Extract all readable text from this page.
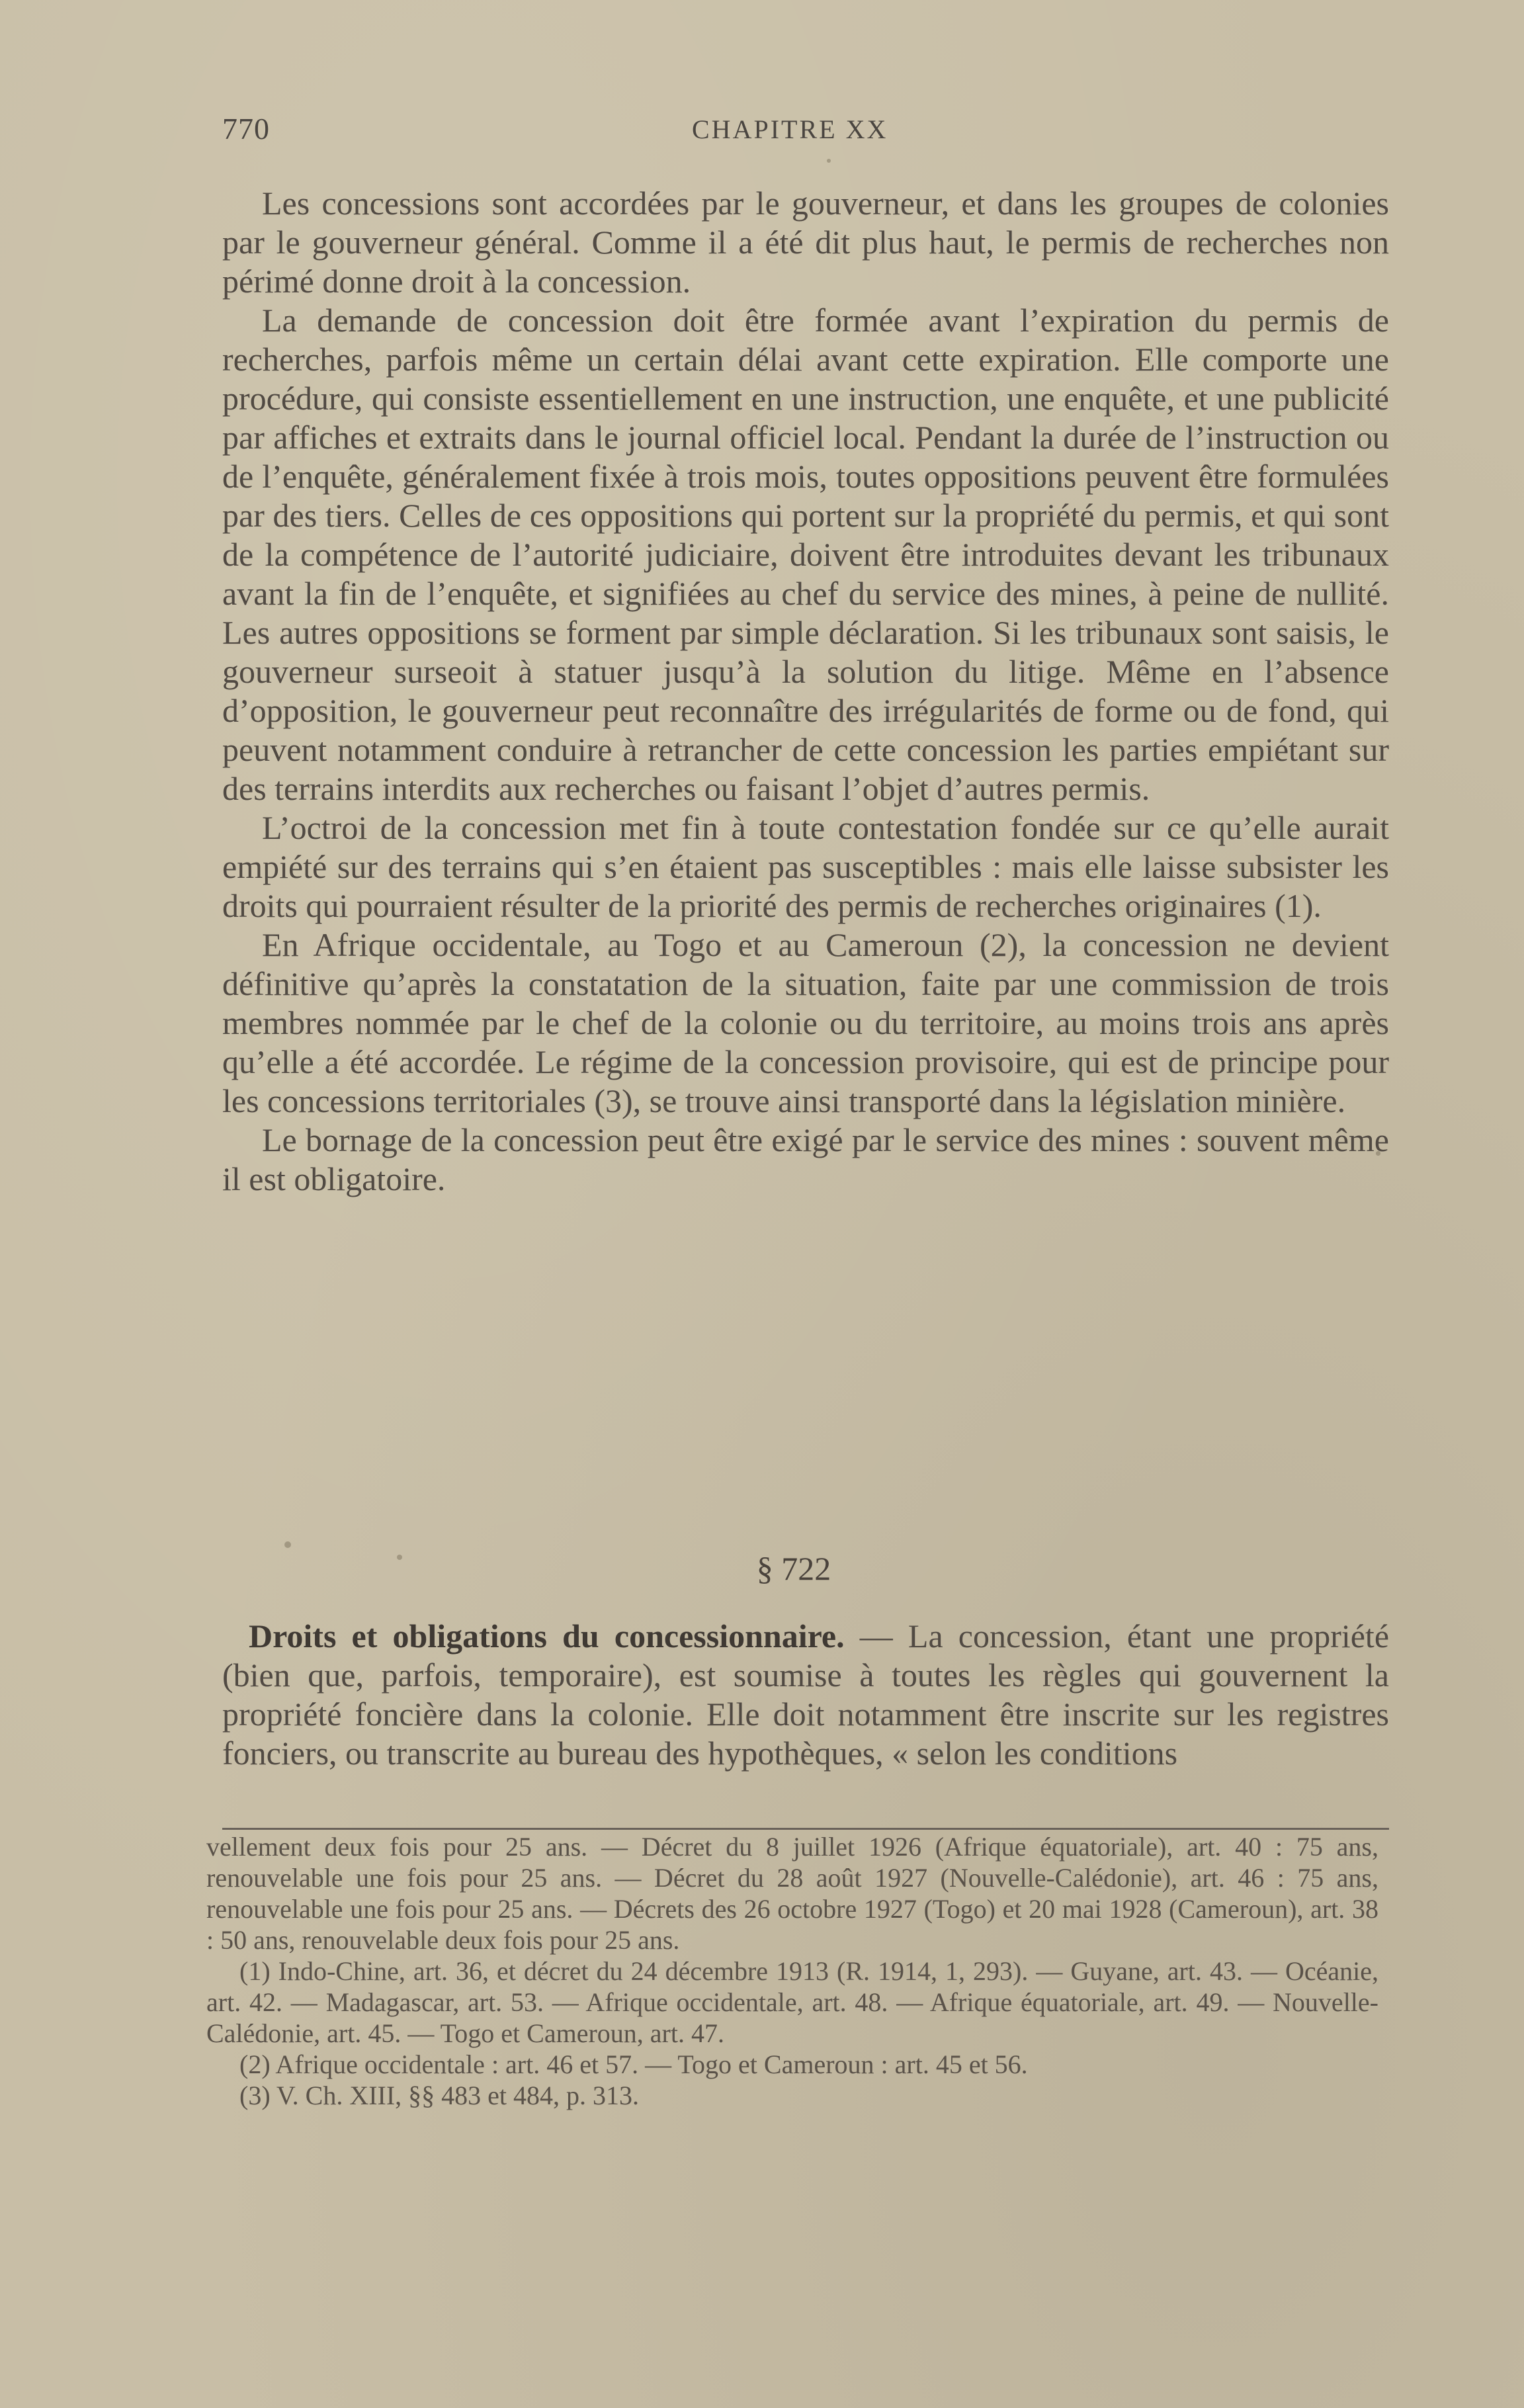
770	CHAPITRE XX

Les concessions sont accordées par le gouverneur, et dans les groupes de colonies par le gouverneur général. Comme il a été dit plus haut, le permis de recherches non périmé donne droit à la concession.

La demande de concession doit être formée avant l’expiration du permis de recherches, parfois même un certain délai avant cette expiration. Elle comporte une procédure, qui consiste essentiellement en une instruction, une enquête, et une publicité par affiches et extraits dans le journal officiel local. Pendant la durée de l’instruction ou de l’enquête, généralement fixée à trois mois, toutes oppositions peuvent être formulées par des tiers. Celles de ces oppositions qui portent sur la propriété du permis, et qui sont de la compétence de l’autorité judiciaire, doivent être introduites devant les tribunaux avant la fin de l’enquête, et signifiées au chef du service des mines, à peine de nullité. Les autres oppositions se forment par simple déclaration. Si les tribunaux sont saisis, le gouverneur surseoit à statuer jusqu’à la solution du litige. Même en l’absence d’opposition, le gouverneur peut reconnaître des irrégularités de forme ou de fond, qui peuvent notamment conduire à retrancher de cette concession les parties empiétant sur des terrains interdits aux recherches ou faisant l’objet d’autres permis.

L’octroi de la concession met fin à toute contestation fondée sur ce qu’elle aurait empiété sur des terrains qui s’en étaient pas susceptibles : mais elle laisse subsister les droits qui pourraient résulter de la priorité des permis de recherches originaires (1).

En Afrique occidentale, au Togo et au Cameroun (2), la concession ne devient définitive qu’après la constatation de la situation, faite par une commission de trois membres nommée par le chef de la colonie ou du territoire, au moins trois ans après qu’elle a été accordée. Le régime de la concession provisoire, qui est de principe pour les concessions territoriales (3), se trouve ainsi transporté dans la législation minière.

Le bornage de la concession peut être exigé par le service des mines : souvent même il est obligatoire.

§ 722

Droits et obligations du concessionnaire. — La concession, étant une propriété (bien que, parfois, temporaire), est soumise à toutes les règles qui gouvernent la propriété foncière dans la colonie. Elle doit notamment être inscrite sur les registres fonciers, ou transcrite au bureau des hypothèques, « selon les conditions

vellement deux fois pour 25 ans. — Décret du 8 juillet 1926 (Afrique équatoriale), art. 40 : 75 ans, renouvelable une fois pour 25 ans. — Décret du 28 août 1927 (Nouvelle-Calédonie), art. 46 : 75 ans, renouvelable une fois pour 25 ans. — Décrets des 26 octobre 1927 (Togo) et 20 mai 1928 (Cameroun), art. 38 : 50 ans, renouvelable deux fois pour 25 ans.

(1) Indo-Chine, art. 36, et décret du 24 décembre 1913 (R. 1914, 1, 293). — Guyane, art. 43. — Océanie, art. 42. — Madagascar, art. 53. — Afrique occidentale, art. 48. — Afrique équatoriale, art. 49. — Nouvelle-Calédonie, art. 45. — Togo et Cameroun, art. 47.

(2) Afrique occidentale : art. 46 et 57. — Togo et Cameroun : art. 45 et 56.

(3) V. Ch. XIII, §§ 483 et 484, p. 313.
